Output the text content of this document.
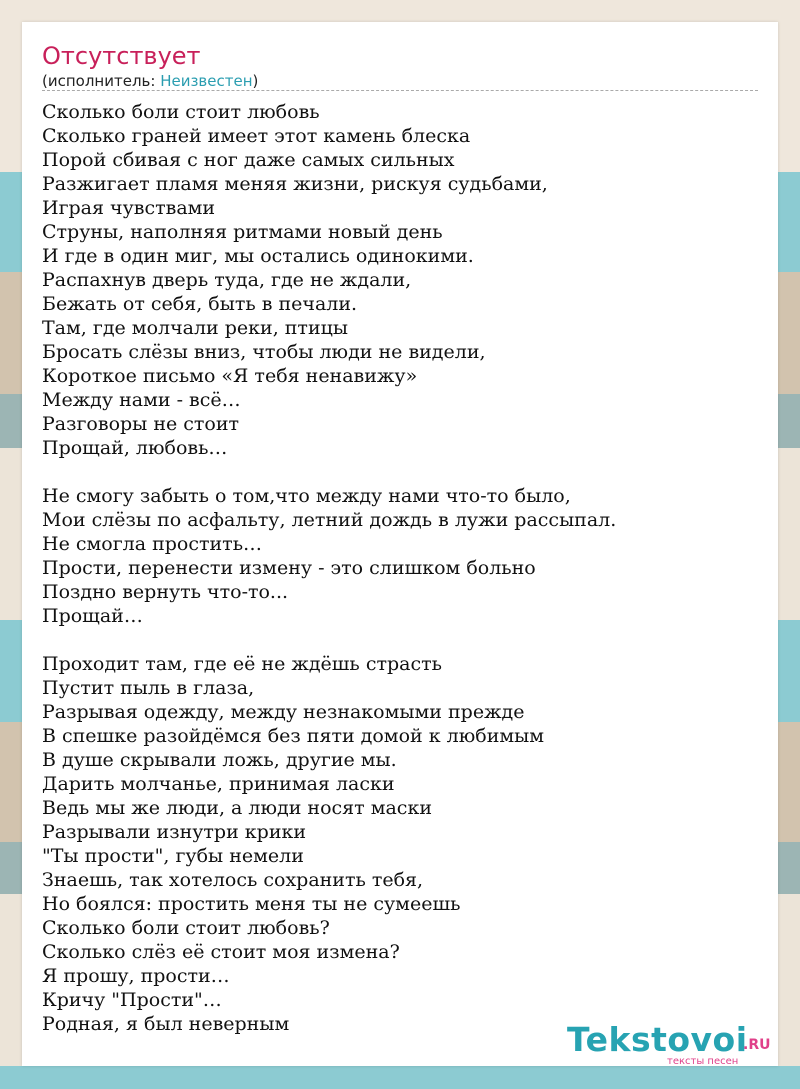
Отсутствует
(исполнитель: Неизвестен)
Сколько боли стоит любовь
Сколько граней имеет этот камень блеска
Порой сбивая с ног даже самых сильных
Разжигает пламя меняя жизни, рискуя судьбами,
Играя чувствами
Струны, наполняя ритмами новый день
И где в один миг, мы остались одинокими.
Распахнув дверь туда, где не ждали,
Бежать от себя, быть в печали.
Там, где молчали реки, птицы
Бросать слёзы вниз, чтобы люди не видели,
Короткое письмо «Я тебя ненавижу»
Между нами - всё…
Разговоры не стоит
Прощай, любовь…
Не смогу забыть о том,что между нами что-то было,
Мои слёзы по асфальту, летний дождь в лужи рассыпал.
Не смогла простить…
Прости, перенести измену - это слишком больно
Поздно вернуть что-то...
Прощай…
Проходит там, где её не ждёшь страсть
Пустит пыль в глаза,
Разрывая одежду, между незнакомыми прежде
В спешке разойдёмся без пяти домой к любимым
В душе скрывали ложь, другие мы.
Дарить молчанье, принимая ласки
Ведь мы же люди, а люди носят маски
Разрывали изнутри крики
"Ты прости", губы немели
Знаешь, так хотелось сохранить тебя,
Но боялся: простить меня ты не сумеешь
Сколько боли стоит любовь?
Сколько слёз её стоит моя измена?
Я прошу, прости…
Кричу "Прости"…
Родная, я был неверным	Tekstovoi
.RU
тексты песен
